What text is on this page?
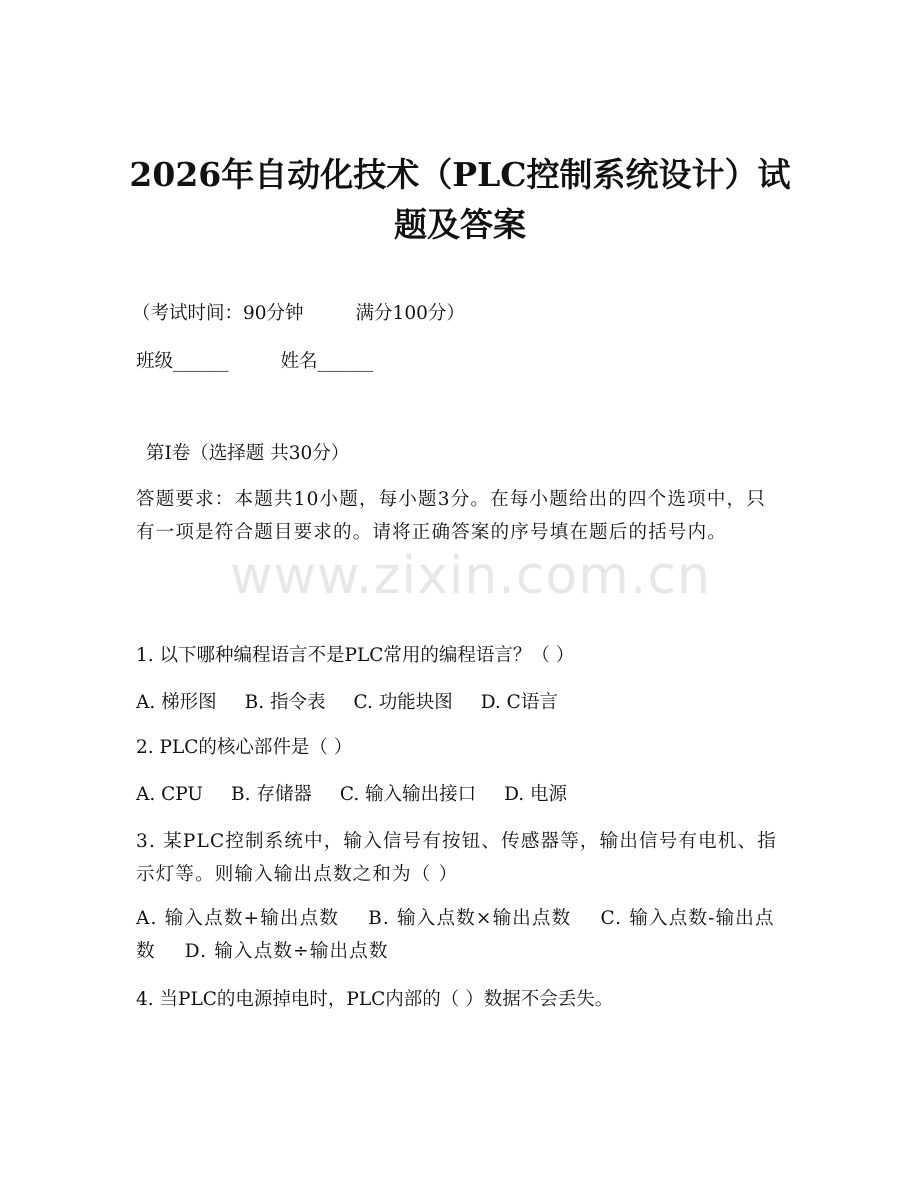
2026年自动化技术（PLC控制系统设计）试
题及答案
（考试时间：90分钟	满分100分）
班级______	姓名______
第I卷（选择题 共30分）
答题要求：本题共10小题，每小题3分。在每小题给出的四个选项中，只有一项是符合题目要求的。请将正确答案的序号填在题后的括号内。
www.zixin.com.cn
1. 以下哪种编程语言不是PLC常用的编程语言？（ ）
A. 梯形图 B. 指令表 C. 功能块图 D. C语言
2. PLC的核心部件是（ ）
A. CPU B. 存储器 C. 输入输出接口 D. 电源
3. 某PLC控制系统中，输入信号有按钮、传感器等，输出信号有电机、指示灯等。则输入输出点数之和为（ ）
A. 输入点数+输出点数 B. 输入点数×输出点数 C. 输入点数-输出点数 D. 输入点数÷输出点数
4. 当PLC的电源掉电时，PLC内部的（ ）数据不会丢失。
